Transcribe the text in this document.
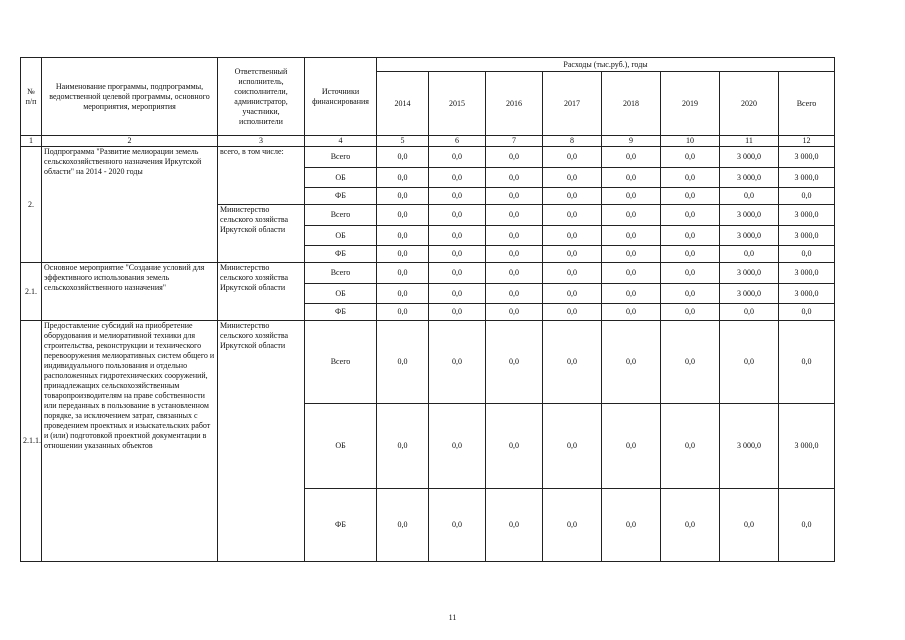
№ п/п	Наименование программы, подпрограммы, ведомственной целевой программы, основного мероприятия, мероприятия	Ответственный исполнитель, соисполнители, администратор, участники, исполнители	Источники финансирования	Расходы (тыс.руб.), годы							
				2014	2015	2016	2017	2018	2019	2020	Всего
1	2	3	4	5	6	7	8	9	10	11	12
2.	Подпрограмма "Развитие мелиорации земель сельскохозяйственного назначения Иркутской области" на 2014 - 2020 годы	всего, в том числе:	Всего	0,0	0,0	0,0	0,0	0,0	0,0	3 000,0	3 000,0
			ОБ	0,0	0,0	0,0	0,0	0,0	0,0	3 000,0	3 000,0
			ФБ	0,0	0,0	0,0	0,0	0,0	0,0	0,0	0,0
		Министерство сельского хозяйства Иркутской области	Всего	0,0	0,0	0,0	0,0	0,0	0,0	3 000,0	3 000,0
			ОБ	0,0	0,0	0,0	0,0	0,0	0,0	3 000,0	3 000,0
			ФБ	0,0	0,0	0,0	0,0	0,0	0,0	0,0	0,0
2.1.	Основное мероприятие "Создание условий для эффективного использования земель сельскохозяйственного назначения"	Министерство сельского хозяйства Иркутской области	Всего	0,0	0,0	0,0	0,0	0,0	0,0	3 000,0	3 000,0
			ОБ	0,0	0,0	0,0	0,0	0,0	0,0	3 000,0	3 000,0
			ФБ	0,0	0,0	0,0	0,0	0,0	0,0	0,0	0,0
2.1.1.	Предоставление субсидий на приобретение оборудования и мелиоративной техники для строительства, реконструкции и технического перевооружения мелиоративных систем общего и индивидуального пользования и отдельно расположенных гидротехнических сооружений, принадлежащих сельскохозяйственным товаропроизводителям на праве собственности или переданных в пользование в установленном порядке, за исключением затрат, связанных с проведением проектных и изыскательских работ и (или) подготовкой проектной документации в отношении указанных объектов	Министерство сельского хозяйства Иркутской области	Всего	0,0	0,0	0,0	0,0	0,0	0,0	0,0	0,0
			ОБ	0,0	0,0	0,0	0,0	0,0	0,0	3 000,0	3 000,0
			ФБ	0,0	0,0	0,0	0,0	0,0	0,0	0,0	0,0
11
